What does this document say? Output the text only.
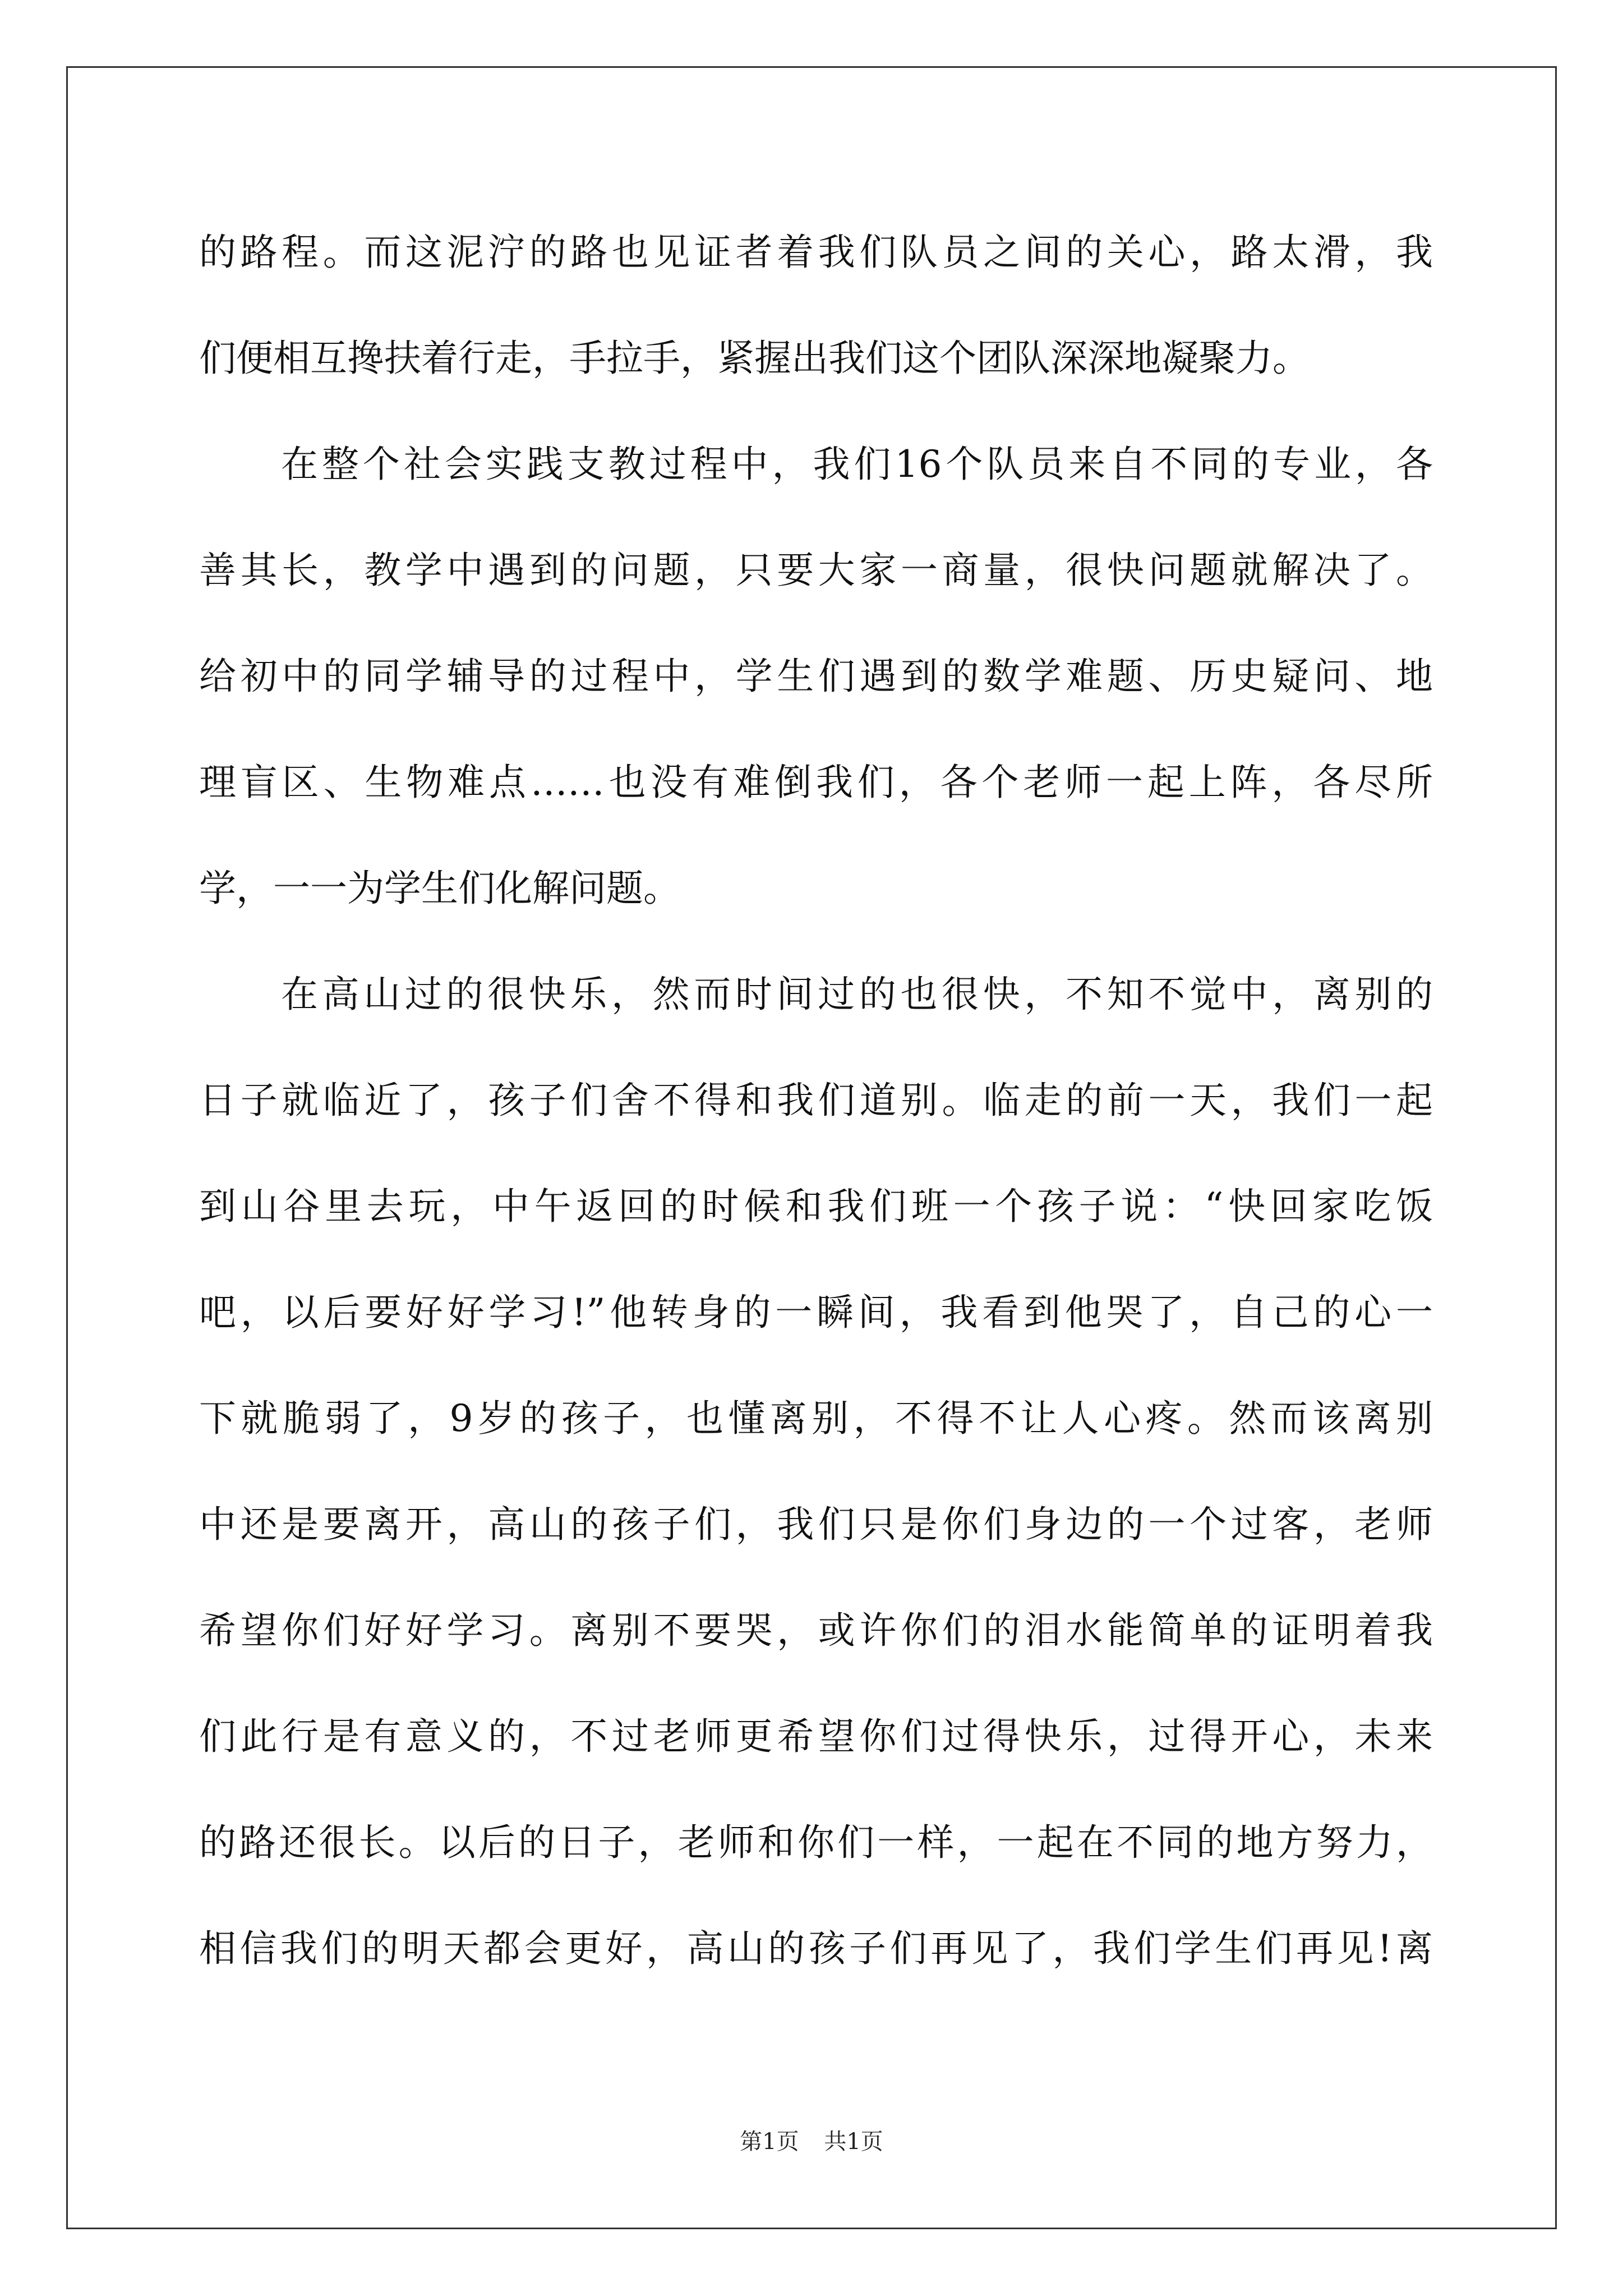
的路程。而这泥泞的路也见证者着我们队员之间的关心，路太滑，我
们便相互搀扶着行走，手拉手，紧握出我们这个团队深深地凝聚力。
在整个社会实践支教过程中，我们16个队员来自不同的专业，各
善其长，教学中遇到的问题，只要大家一商量，很快问题就解决了。
给初中的同学辅导的过程中，学生们遇到的数学难题、历史疑问、地
理盲区、生物难点……也没有难倒我们，各个老师一起上阵，各尽所
学，一一为学生们化解问题。
在高山过的很快乐，然而时间过的也很快，不知不觉中，离别的
日子就临近了，孩子们舍不得和我们道别。临走的前一天，我们一起
到山谷里去玩，中午返回的时候和我们班一个孩子说：“快回家吃饭
吧，以后要好好学习!”他转身的一瞬间，我看到他哭了，自己的心一
下就脆弱了，9岁的孩子，也懂离别，不得不让人心疼。然而该离别
中还是要离开，高山的孩子们，我们只是你们身边的一个过客，老师
希望你们好好学习。离别不要哭，或许你们的泪水能简单的证明着我
们此行是有意义的，不过老师更希望你们过得快乐，过得开心，未来
的路还很长。以后的日子，老师和你们一样，一起在不同的地方努力，
相信我们的明天都会更好，高山的孩子们再见了，我们学生们再见!离
第1页 共1页
